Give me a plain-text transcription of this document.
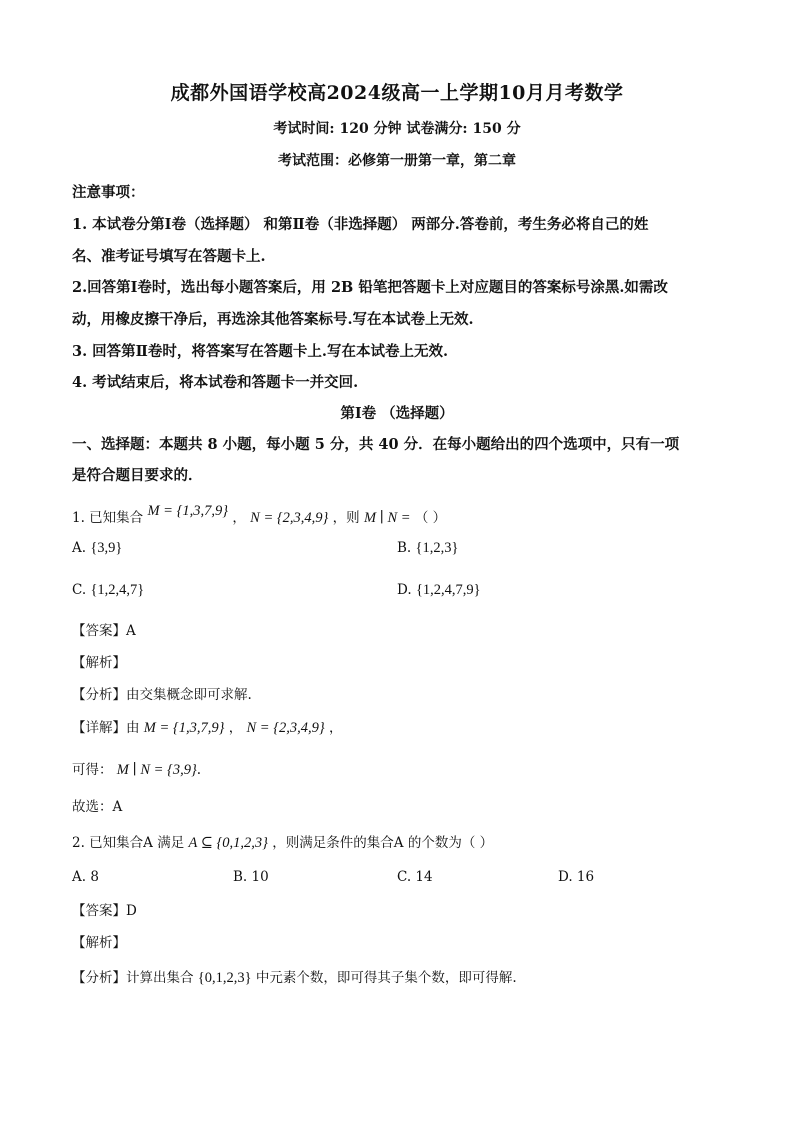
成都外国语学校高2024级高一上学期10月月考数学
考试时间: 120 分钟 试卷满分: 150 分
考试范围：必修第一册第一章，第二章
注意事项：
1. 本试卷分第Ⅰ卷（选择题） 和第Ⅱ卷（非选择题） 两部分.答卷前，考生务必将自己的姓
名、准考证号填写在答题卡上.
2.回答第Ⅰ卷时，选出每小题答案后，用 2B 铅笔把答题卡上对应题目的答案标号涂黑.如需改
动，用橡皮擦干净后，再选涂其他答案标号.写在本试卷上无效.
3. 回答第Ⅱ卷时，将答案写在答题卡上.写在本试卷上无效.
4. 考试结束后，将本试卷和答题卡一并交回.
第Ⅰ卷 （选择题）
一、选择题：本题共 8 小题，每小题 5 分，共 40 分．在每小题给出的四个选项中，只有一项
是符合题目要求的．
1. 已知集合 M = {1,3,7,9} ， N = {2,3,4,9} ，则 M ∣ N = （ ）
A. {3,9}	B. {1,2,3}
C. {1,2,4,7}	D. {1,2,4,7,9}
【答案】A
【解析】
【分析】由交集概念即可求解.
【详解】由 M = {1,3,7,9} ， N = {2,3,4,9} ，
可得： M ∣ N = {3,9}.
故选：A
2. 已知集合A 满足 A ⊆ {0,1,2,3} ，则满足条件的集合A 的个数为（ ）
A. 8	B. 10	C. 14	D. 16
【答案】D
【解析】
【分析】计算出集合 {0,1,2,3} 中元素个数，即可得其子集个数，即可得解.
